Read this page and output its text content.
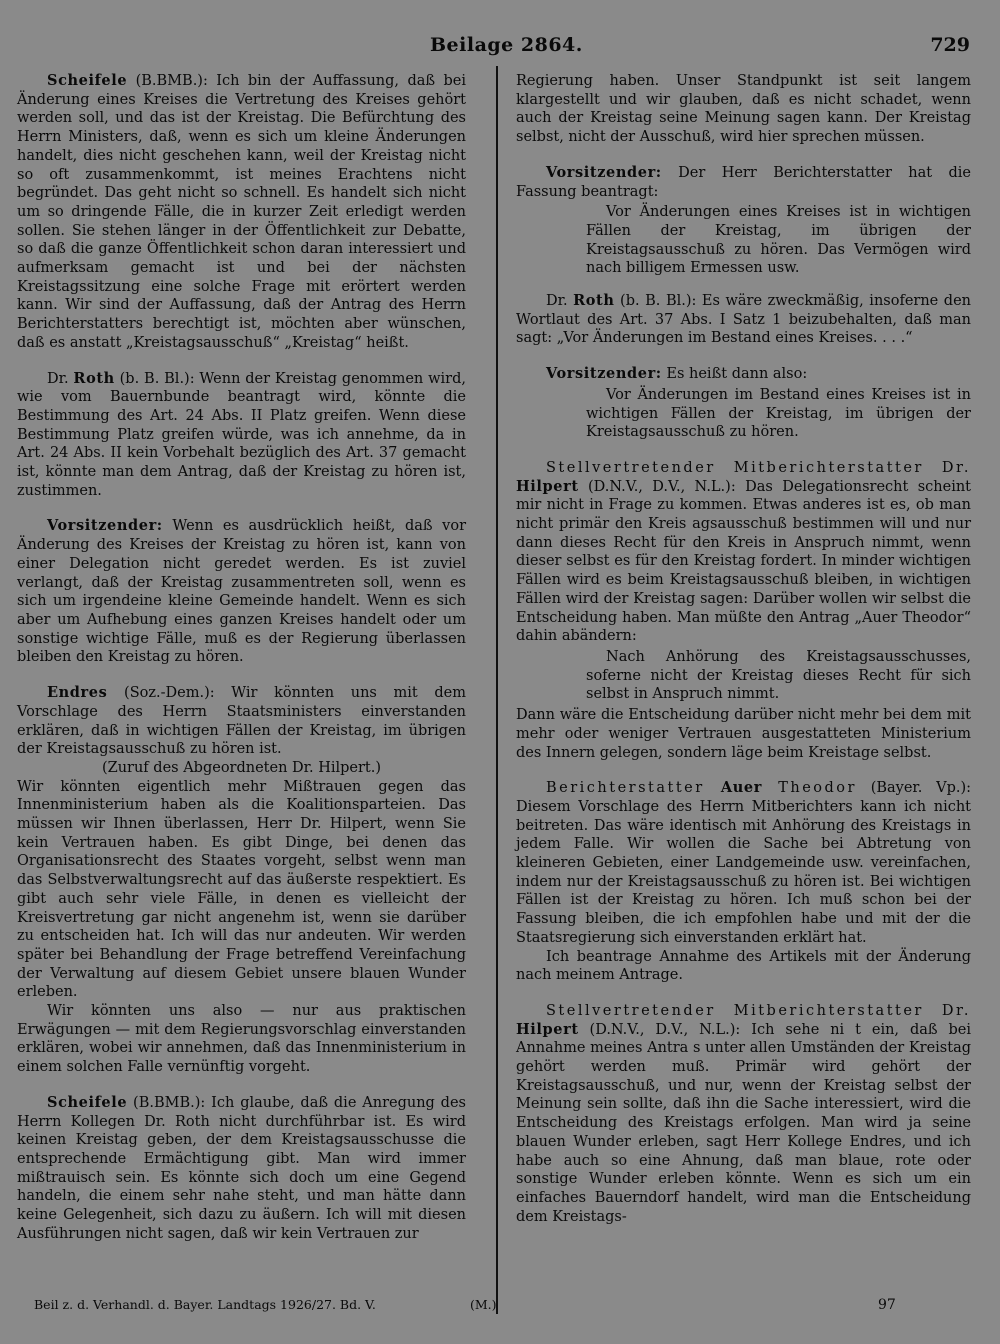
Beilage 2864.	729

Scheifele (B.BMB.): Ich bin der Auffassung, daß bei Änderung eines Kreises die Vertretung des Kreises gehört werden soll, und das ist der Kreistag. Die Befürchtung des Herrn Ministers, daß, wenn es sich um kleine Änderungen handelt, dies nicht geschehen kann, weil der Kreistag nicht so oft zusammenkommt, ist meines Erachtens nicht begründet. Das geht nicht so schnell. Es handelt sich nicht um so dringende Fälle, die in kurzer Zeit erledigt werden sollen. Sie stehen länger in der Öffentlichkeit zur Debatte, so daß die ganze Öffentlichkeit schon daran interessiert und aufmerksam gemacht ist und bei der nächsten Kreistagssitzung eine solche Frage mit erörtert werden kann. Wir sind der Auffassung, daß der Antrag des Herrn Berichterstatters berechtigt ist, möchten aber wünschen, daß es anstatt „Kreistagsausschuß“ „Kreistag“ heißt.

Dr. Roth (b. B. Bl.): Wenn der Kreistag genommen wird, wie vom Bauernbunde beantragt wird, könnte die Bestimmung des Art. 24 Abs. II Platz greifen. Wenn diese Bestimmung Platz greifen würde, was ich annehme, da in Art. 24 Abs. II kein Vorbehalt bezüglich des Art. 37 gemacht ist, könnte man dem Antrag, daß der Kreistag zu hören ist, zustimmen.

Vorsitzender: Wenn es ausdrücklich heißt, daß vor Änderung des Kreises der Kreistag zu hören ist, kann von einer Delegation nicht geredet werden. Es ist zuviel verlangt, daß der Kreistag zusammentreten soll, wenn es sich um irgendeine kleine Gemeinde handelt. Wenn es sich aber um Aufhebung eines ganzen Kreises handelt oder um sonstige wichtige Fälle, muß es der Regierung überlassen bleiben den Kreistag zu hören.

Endres (Soz.-Dem.): Wir könnten uns mit dem Vorschlage des Herrn Staatsministers einverstanden erklären, daß in wichtigen Fällen der Kreistag, im übrigen der Kreistagsausschuß zu hören ist.

(Zuruf des Abgeordneten Dr. Hilpert.)

Wir könnten eigentlich mehr Mißtrauen gegen das Innenministerium haben als die Koalitionsparteien. Das müssen wir Ihnen überlassen, Herr Dr. Hilpert, wenn Sie kein Vertrauen haben. Es gibt Dinge, bei denen das Organisationsrecht des Staates vorgeht, selbst wenn man das Selbstverwaltungsrecht auf das äußerste respektiert. Es gibt auch sehr viele Fälle, in denen es vielleicht der Kreisvertretung gar nicht angenehm ist, wenn sie darüber zu entscheiden hat. Ich will das nur andeuten. Wir werden später bei Behandlung der Frage betreffend Vereinfachung der Verwaltung auf diesem Gebiet unsere blauen Wunder erleben.

Wir könnten uns also — nur aus praktischen Erwägungen — mit dem Regierungsvorschlag einverstanden erklären, wobei wir annehmen, daß das Innenministerium in einem solchen Falle vernünftig vorgeht.

Scheifele (B.BMB.): Ich glaube, daß die Anregung des Herrn Kollegen Dr. Roth nicht durchführbar ist. Es wird keinen Kreistag geben, der dem Kreistagsausschusse die entsprechende Ermächtigung gibt. Man wird immer mißtrauisch sein. Es könnte sich doch um eine Gegend handeln, die einem sehr nahe steht, und man hätte dann keine Gelegenheit, sich dazu zu äußern. Ich will mit diesen Ausführungen nicht sagen, daß wir kein Vertrauen zur

Regierung haben. Unser Standpunkt ist seit langem klargestellt und wir glauben, daß es nicht schadet, wenn auch der Kreistag seine Meinung sagen kann. Der Kreistag selbst, nicht der Ausschuß, wird hier sprechen müssen.

Vorsitzender: Der Herr Berichterstatter hat die Fassung beantragt:

Vor Änderungen eines Kreises ist in wichtigen Fällen der Kreistag, im übrigen der Kreistagsausschuß zu hören. Das Vermögen wird nach billigem Ermessen usw.

Dr. Roth (b. B. Bl.): Es wäre zweckmäßig, insoferne den Wortlaut des Art. 37 Abs. I Satz 1 beizubehalten, daß man sagt: „Vor Änderungen im Bestand eines Kreises. . . .“

Vorsitzender: Es heißt dann also:

Vor Änderungen im Bestand eines Kreises ist in wichtigen Fällen der Kreistag, im übrigen der Kreistagsausschuß zu hören.

Stellvertretender Mitberichterstatter Dr. Hilpert (D.N.V., D.V., N.L.): Das Delegationsrecht scheint mir nicht in Frage zu kommen. Etwas anderes ist es, ob man nicht primär den Kreis agsausschuß bestimmen will und nur dann dieses Recht für den Kreis in Anspruch nimmt, wenn dieser selbst es für den Kreistag fordert. In minder wichtigen Fällen wird es beim Kreistagsausschuß bleiben, in wichtigen Fällen wird der Kreistag sagen: Darüber wollen wir selbst die Entscheidung haben. Man müßte den Antrag „Auer Theodor“ dahin abändern:

Nach Anhörung des Kreistagsausschusses, soferne nicht der Kreistag dieses Recht für sich selbst in Anspruch nimmt.

Dann wäre die Entscheidung darüber nicht mehr bei dem mit mehr oder weniger Vertrauen ausgestatteten Ministerium des Innern gelegen, sondern läge beim Kreistage selbst.

Berichterstatter Auer Theodor (Bayer. Vp.): Diesem Vorschlage des Herrn Mitberichters kann ich nicht beitreten. Das wäre identisch mit Anhörung des Kreistags in jedem Falle. Wir wollen die Sache bei Abtretung von kleineren Gebieten, einer Landgemeinde usw. vereinfachen, indem nur der Kreistagsausschuß zu hören ist. Bei wichtigen Fällen ist der Kreistag zu hören. Ich muß schon bei der Fassung bleiben, die ich empfohlen habe und mit der die Staatsregierung sich einverstanden erklärt hat.

Ich beantrage Annahme des Artikels mit der Änderung nach meinem Antrage.

Stellvertretender Mitberichterstatter Dr. Hilpert (D.N.V., D.V., N.L.): Ich sehe ni t ein, daß bei Annahme meines Antra s unter allen Umständen der Kreistag gehört werden muß. Primär wird gehört der Kreistagsausschuß, und nur, wenn der Kreistag selbst der Meinung sein sollte, daß ihn die Sache interessiert, wird die Entscheidung des Kreistags erfolgen. Man wird ja seine blauen Wunder erleben, sagt Herr Kollege Endres, und ich habe auch so eine Ahnung, daß man blaue, rote oder sonstige Wunder erleben könnte. Wenn es sich um ein einfaches Bauerndorf handelt, wird man die Entscheidung dem Kreistags-

Beil z. d. Verhandl. d. Bayer. Landtags 1926/27. Bd. V.	(M.)	97
